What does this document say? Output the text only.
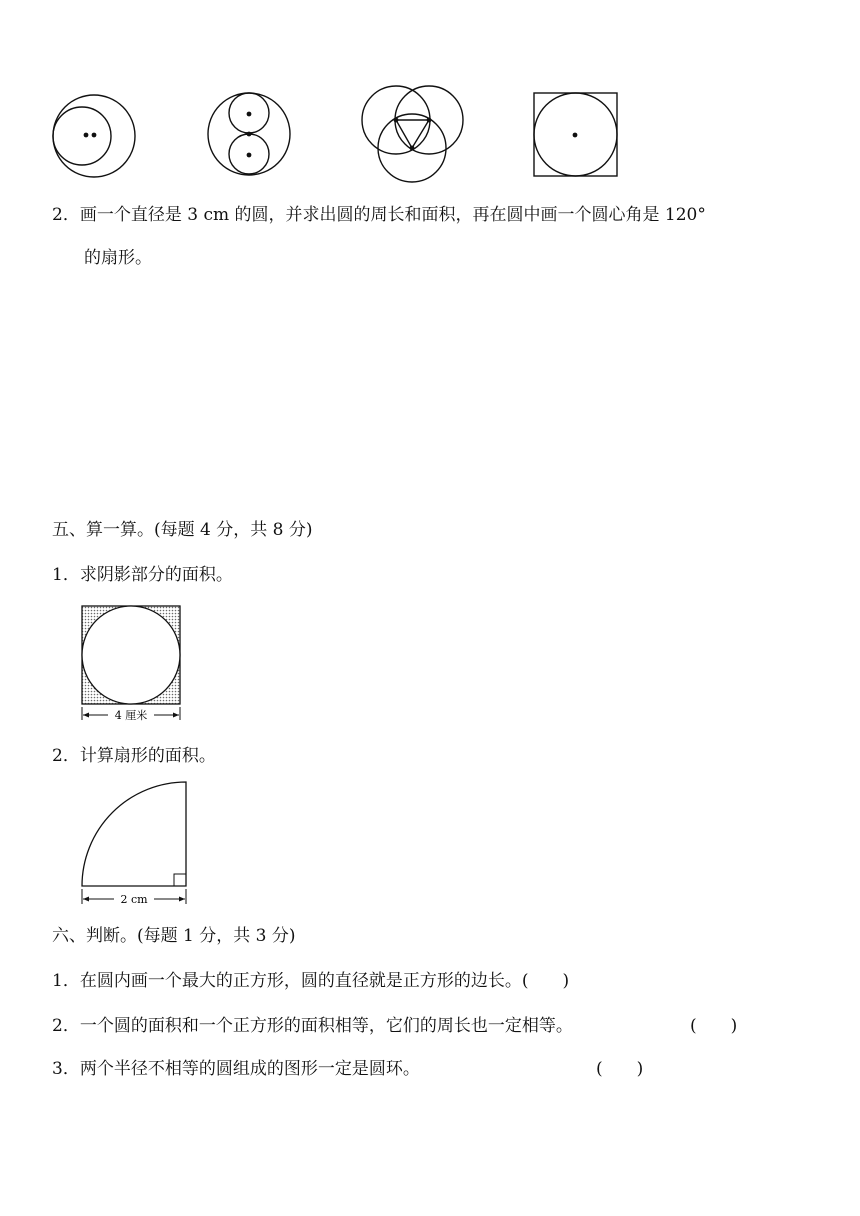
2．画一个直径是 3 cm 的圆，并求出圆的周长和面积，再在圆中画一个圆心角是 120°
的扇形。
五、算一算。(每题 4 分，共 8 分)
1．求阴影部分的面积。
4 厘米
2．计算扇形的面积。
2 cm
六、判断。(每题 1 分，共 3 分)
1．在圆内画一个最大的正方形，圆的直径就是正方形的边长。(　　)
2．一个圆的面积和一个正方形的面积相等，它们的周长也一定相等。	(　　)
3．两个半径不相等的圆组成的图形一定是圆环。	(　　)
